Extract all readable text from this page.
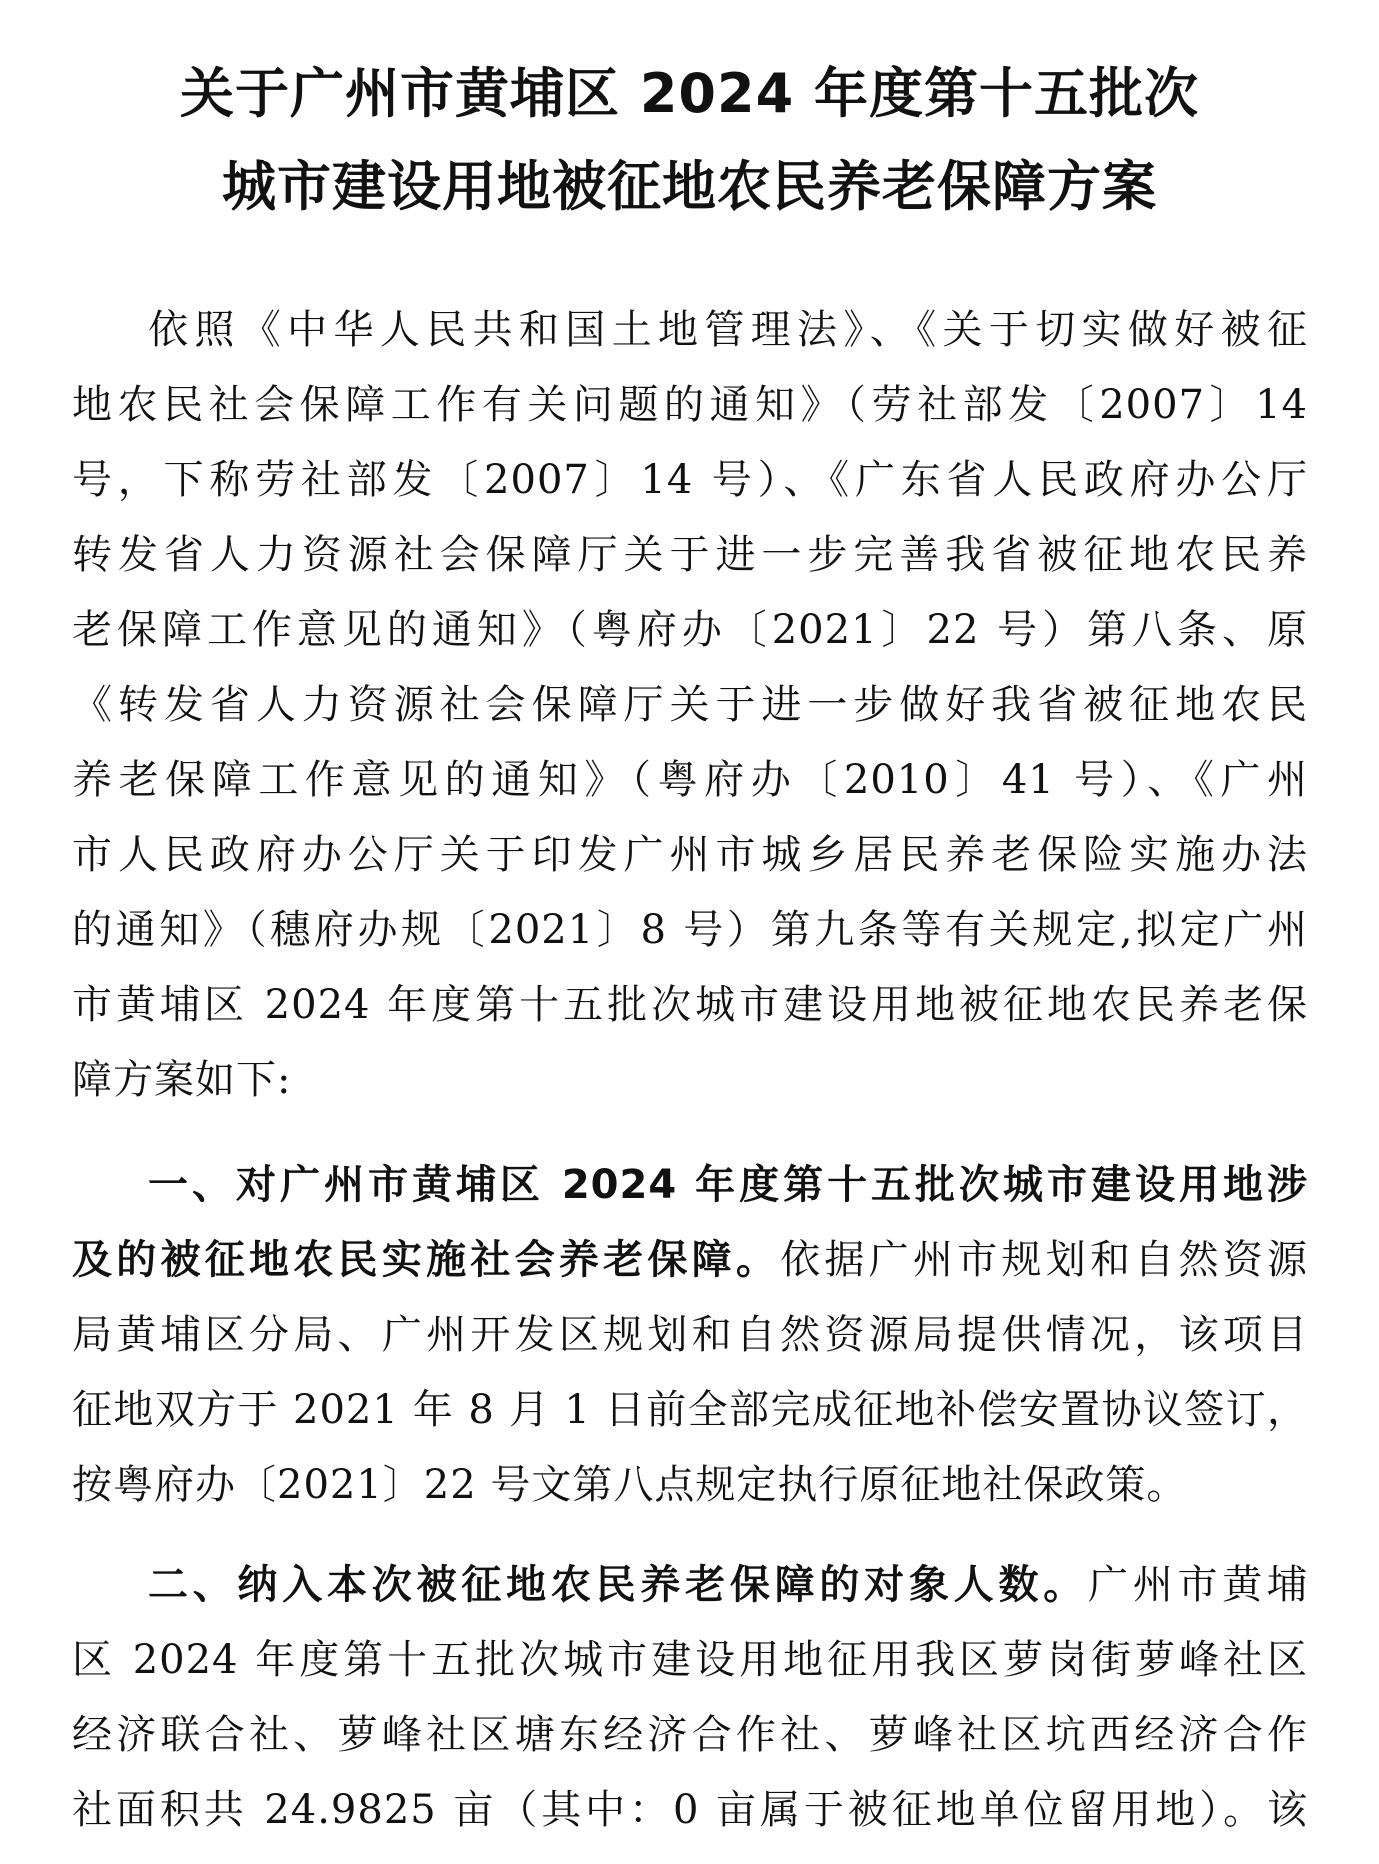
关于广州市黄埔区 2024 年度第十五批次
城市建设用地被征地农民养老保障方案
依照《中华人民共和国土地管理法》、《关于切实做好被征
地农民社会保障工作有关问题的通知》（劳社部发〔2007〕14
号，下称劳社部发〔2007〕14 号）、《广东省人民政府办公厅
转发省人力资源社会保障厅关于进一步完善我省被征地农民养
老保障工作意见的通知》（粤府办〔2021〕22 号）第八条、原
《转发省人力资源社会保障厅关于进一步做好我省被征地农民
养老保障工作意见的通知》（粤府办〔2010〕41 号）、《广州
市人民政府办公厅关于印发广州市城乡居民养老保险实施办法
的通知》（穗府办规〔2021〕8 号）第九条等有关规定,拟定广州
市黄埔区 2024 年度第十五批次城市建设用地被征地农民养老保
障方案如下:
一、对广州市黄埔区 2024 年度第十五批次城市建设用地涉
及的被征地农民实施社会养老保障。依据广州市规划和自然资源
局黄埔区分局、广州开发区规划和自然资源局提供情况，该项目
征地双方于 2021 年 8 月 1 日前全部完成征地补偿安置协议签订，
按粤府办〔2021〕22 号文第八点规定执行原征地社保政策。
二、纳入本次被征地农民养老保障的对象人数。广州市黄埔
区 2024 年度第十五批次城市建设用地征用我区萝岗街萝峰社区
经济联合社、萝峰社区塘东经济合作社、萝峰社区坑西经济合作
社面积共 24.9825 亩（其中：0 亩属于被征地单位留用地）。该
